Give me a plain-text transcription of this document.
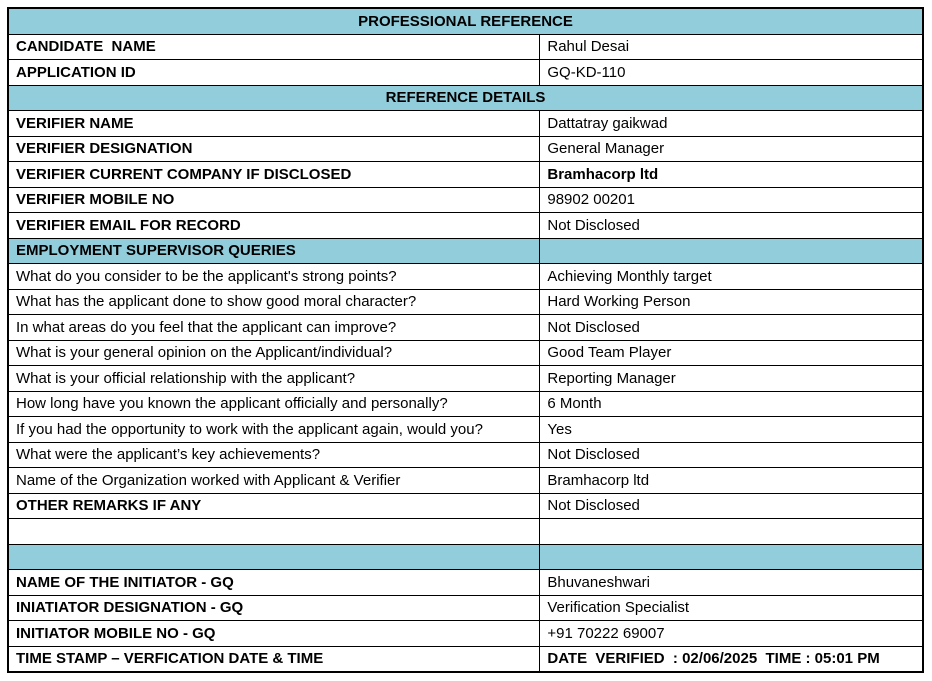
PROFESSIONAL REFERENCE
CANDIDATE  NAME	Rahul Desai
APPLICATION ID	GQ-KD-110
REFERENCE DETAILS
VERIFIER NAME	Dattatray gaikwad
VERIFIER DESIGNATION	General Manager
VERIFIER CURRENT COMPANY IF DISCLOSED	Bramhacorp ltd
VERIFIER MOBILE NO	98902 00201
VERIFIER EMAIL FOR RECORD	Not Disclosed
EMPLOYMENT SUPERVISOR QUERIES
What do you consider to be the applicant's strong points?	Achieving Monthly target
What has the applicant done to show good moral character?	Hard Working Person
In what areas do you feel that the applicant can improve?	Not Disclosed
What is your general opinion on the Applicant/individual?	Good Team Player
What is your official relationship with the applicant?	Reporting Manager
How long have you known the applicant officially and personally?	6 Month
If you had the opportunity to work with the applicant again, would you?	Yes
What were the applicant’s key achievements?	Not Disclosed
Name of the Organization worked with Applicant & Verifier	Bramhacorp ltd
OTHER REMARKS IF ANY	Not Disclosed
NAME OF THE INITIATOR - GQ	Bhuvaneshwari
INIATIATOR DESIGNATION - GQ	Verification Specialist
INITIATOR MOBILE NO - GQ	+91 70222 69007
TIME STAMP – VERFICATION DATE & TIME	DATE  VERIFIED  : 02/06/2025  TIME : 05:01 PM
